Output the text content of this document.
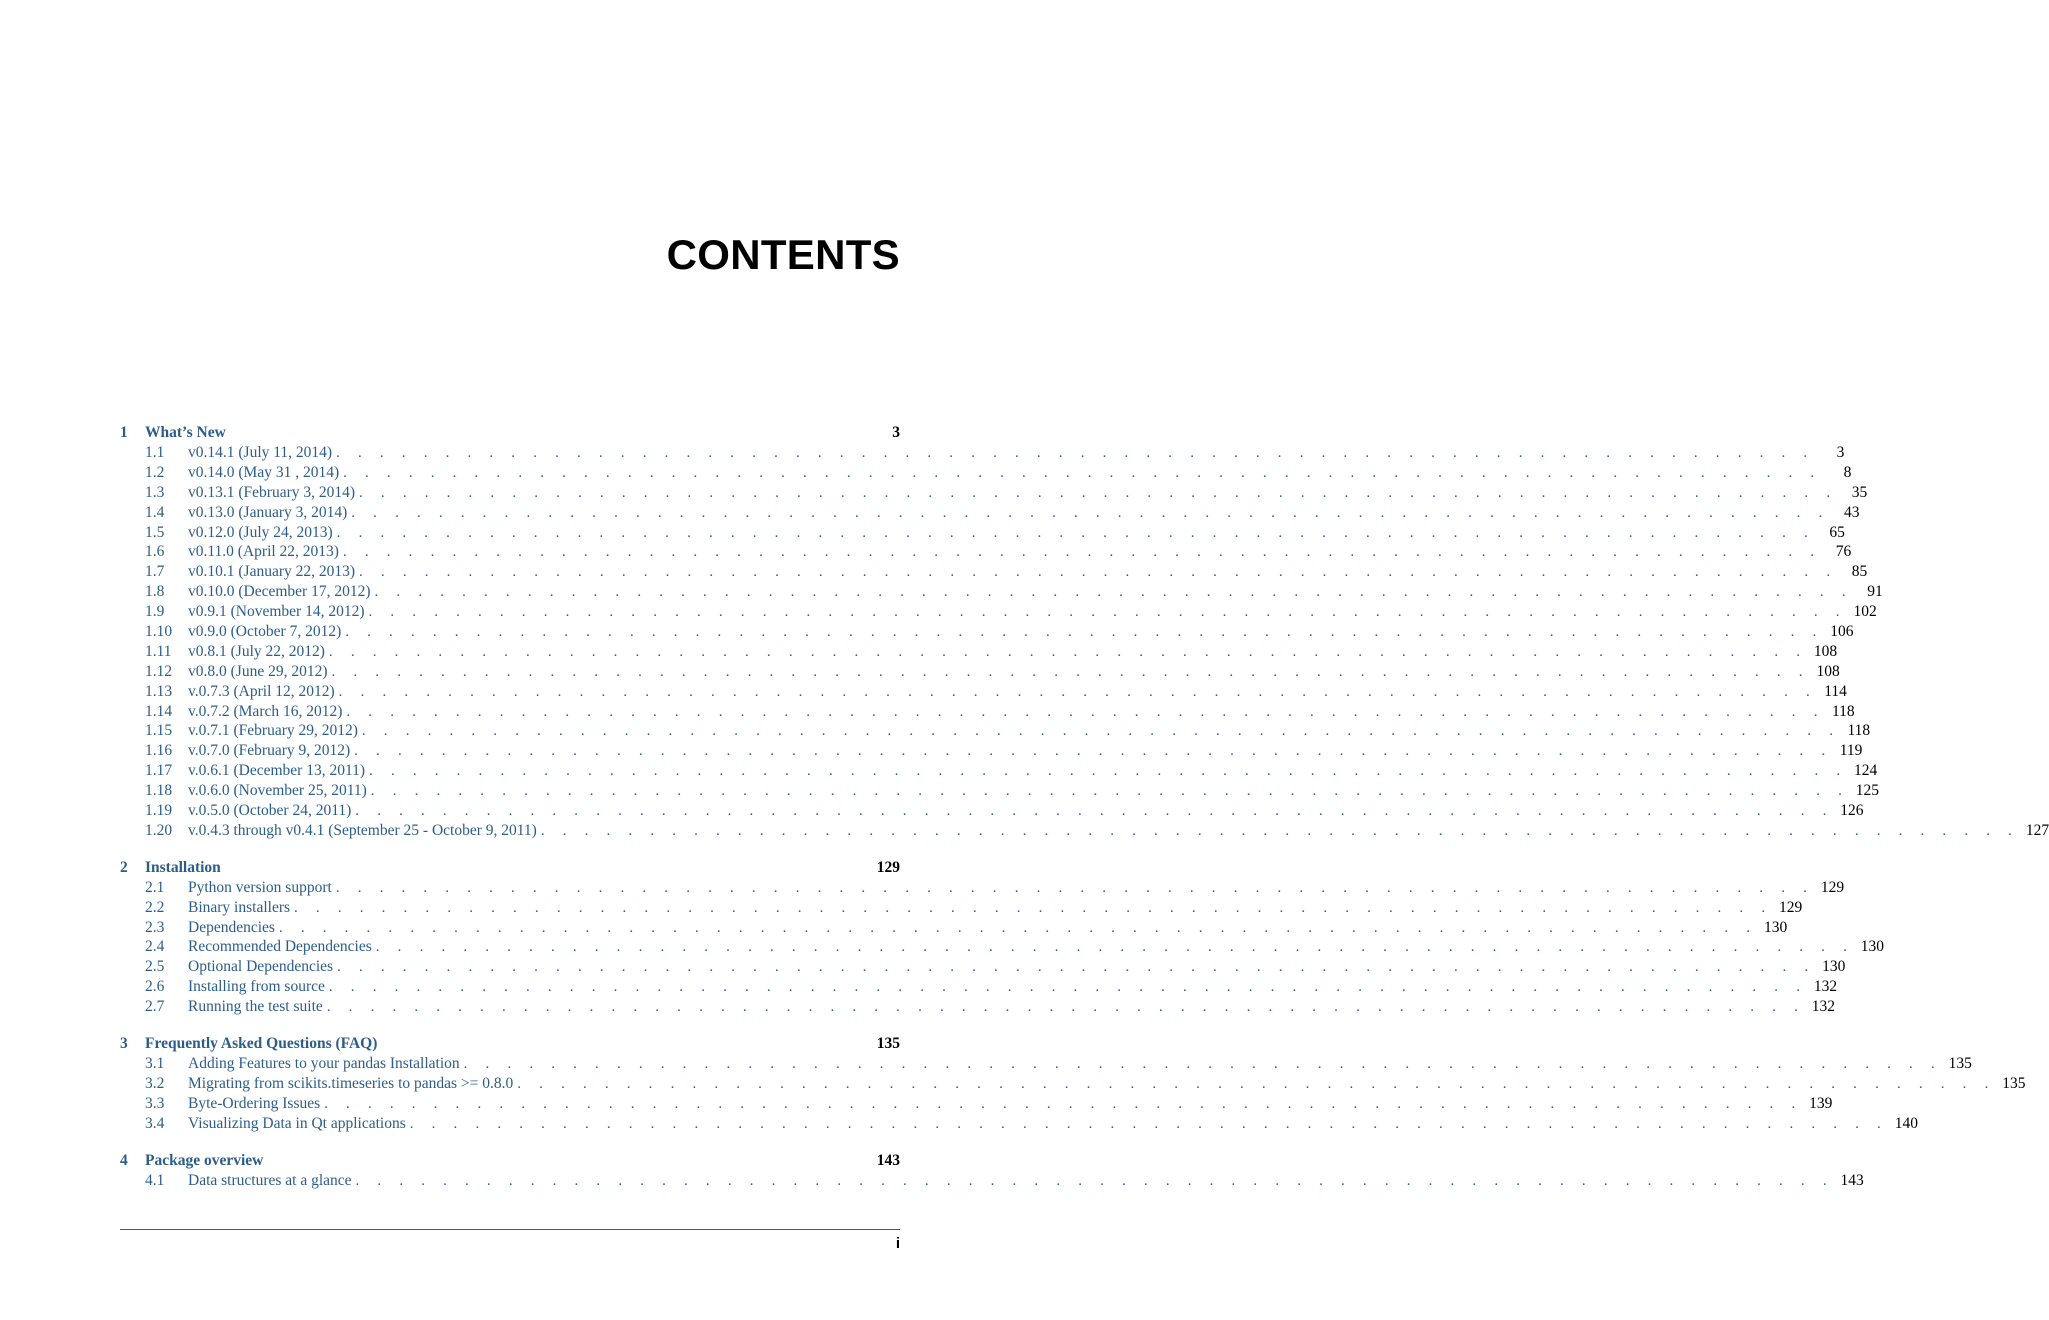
CONTENTS
1	What’s New	3
1.1	v0.14.1 (July 11, 2014) . . . . . . . . . . . . . . . . . . . . . . . . . . . . . . . . . . . . . . . . . . . . . . . . . . . . . . . . . . . . . . . . . . . .	3
1.2	v0.14.0 (May 31 , 2014) . . . . . . . . . . . . . . . . . . . . . . . . . . . . . . . . . . . . . . . . . . . . . . . . . . . . . . . . . . . . . . . . . . . .	8
1.3	v0.13.1 (February 3, 2014) . . . . . . . . . . . . . . . . . . . . . . . . . . . . . . . . . . . . . . . . . . . . . . . . . . . . . . . . . . . . . . . . . . . . 35
1.4	v0.13.0 (January 3, 2014) . . . . . . . . . . . . . . . . . . . . . . . . . . . . . . . . . . . . . . . . . . . . . . . . . . . . . . . . . . . . . . . . . . . . 43
1.5	v0.12.0 (July 24, 2013) . . . . . . . . . . . . . . . . . . . . . . . . . . . . . . . . . . . . . . . . . . . . . . . . . . . . . . . . . . . . . . . . . . . . 65
1.6	v0.11.0 (April 22, 2013) . . . . . . . . . . . . . . . . . . . . . . . . . . . . . . . . . . . . . . . . . . . . . . . . . . . . . . . . . . . . . . . . . . . . 76
1.7	v0.10.1 (January 22, 2013) . . . . . . . . . . . . . . . . . . . . . . . . . . . . . . . . . . . . . . . . . . . . . . . . . . . . . . . . . . . . . . . . . . . . 85
1.8	v0.10.0 (December 17, 2012) . . . . . . . . . . . . . . . . . . . . . . . . . . . . . . . . . . . . . . . . . . . . . . . . . . . . . . . . . . . . . . . . . . . . 91
1.9	v0.9.1 (November 14, 2012) . . . . . . . . . . . . . . . . . . . . . . . . . . . . . . . . . . . . . . . . . . . . . . . . . . . . . . . . . . . . . . . . . . . . 102
1.10	v0.9.0 (October 7, 2012) . . . . . . . . . . . . . . . . . . . . . . . . . . . . . . . . . . . . . . . . . . . . . . . . . . . . . . . . . . . . . . . . . . . . 106
1.11	v0.8.1 (July 22, 2012) . . . . . . . . . . . . . . . . . . . . . . . . . . . . . . . . . . . . . . . . . . . . . . . . . . . . . . . . . . . . . . . . . . . . 108
1.12	v0.8.0 (June 29, 2012) . . . . . . . . . . . . . . . . . . . . . . . . . . . . . . . . . . . . . . . . . . . . . . . . . . . . . . . . . . . . . . . . . . . . 108
1.13	v.0.7.3 (April 12, 2012) . . . . . . . . . . . . . . . . . . . . . . . . . . . . . . . . . . . . . . . . . . . . . . . . . . . . . . . . . . . . . . . . . . . . 114
1.14	v.0.7.2 (March 16, 2012) . . . . . . . . . . . . . . . . . . . . . . . . . . . . . . . . . . . . . . . . . . . . . . . . . . . . . . . . . . . . . . . . . . . . 118
1.15	v.0.7.1 (February 29, 2012) . . . . . . . . . . . . . . . . . . . . . . . . . . . . . . . . . . . . . . . . . . . . . . . . . . . . . . . . . . . . . . . . . . . . 118
1.16	v.0.7.0 (February 9, 2012) . . . . . . . . . . . . . . . . . . . . . . . . . . . . . . . . . . . . . . . . . . . . . . . . . . . . . . . . . . . . . . . . . . . . 119
1.17	v.0.6.1 (December 13, 2011) . . . . . . . . . . . . . . . . . . . . . . . . . . . . . . . . . . . . . . . . . . . . . . . . . . . . . . . . . . . . . . . . . . . . 124
1.18	v.0.6.0 (November 25, 2011) . . . . . . . . . . . . . . . . . . . . . . . . . . . . . . . . . . . . . . . . . . . . . . . . . . . . . . . . . . . . . . . . . . . . 125
1.19	v.0.5.0 (October 24, 2011) . . . . . . . . . . . . . . . . . . . . . . . . . . . . . . . . . . . . . . . . . . . . . . . . . . . . . . . . . . . . . . . . . . . . 126
1.20	v.0.4.3 through v0.4.1 (September 25 - October 9, 2011) . . . . . . . . . . . . . . . . . . . . . . . . . . . . . . . . . . . . . . . . . . . . . . . . . . . . . . . . . . . . . . . . . . . . 127
2	Installation	129
2.1	Python version support . . . . . . . . . . . . . . . . . . . . . . . . . . . . . . . . . . . . . . . . . . . . . . . . . . . . . . . . . . . . . . . . . . . . 129
2.2	Binary installers . . . . . . . . . . . . . . . . . . . . . . . . . . . . . . . . . . . . . . . . . . . . . . . . . . . . . . . . . . . . . . . . . . . . 129
2.3	Dependencies . . . . . . . . . . . . . . . . . . . . . . . . . . . . . . . . . . . . . . . . . . . . . . . . . . . . . . . . . . . . . . . . . . . . 130
2.4	Recommended Dependencies . . . . . . . . . . . . . . . . . . . . . . . . . . . . . . . . . . . . . . . . . . . . . . . . . . . . . . . . . . . . . . . . . . . . 130
2.5	Optional Dependencies . . . . . . . . . . . . . . . . . . . . . . . . . . . . . . . . . . . . . . . . . . . . . . . . . . . . . . . . . . . . . . . . . . . . 130
2.6	Installing from source . . . . . . . . . . . . . . . . . . . . . . . . . . . . . . . . . . . . . . . . . . . . . . . . . . . . . . . . . . . . . . . . . . . . 132
2.7	Running the test suite . . . . . . . . . . . . . . . . . . . . . . . . . . . . . . . . . . . . . . . . . . . . . . . . . . . . . . . . . . . . . . . . . . . . 132
3	Frequently Asked Questions (FAQ)	135
3.1	Adding Features to your pandas Installation . . . . . . . . . . . . . . . . . . . . . . . . . . . . . . . . . . . . . . . . . . . . . . . . . . . . . . . . . . . . . . . . . . . . 135
3.2	Migrating from scikits.timeseries to pandas >= 0.8.0 . . . . . . . . . . . . . . . . . . . . . . . . . . . . . . . . . . . . . . . . . . . . . . . . . . . . . . . . . . . . . . . . . . . . 135
3.3	Byte-Ordering Issues . . . . . . . . . . . . . . . . . . . . . . . . . . . . . . . . . . . . . . . . . . . . . . . . . . . . . . . . . . . . . . . . . . . . 139
3.4	Visualizing Data in Qt applications . . . . . . . . . . . . . . . . . . . . . . . . . . . . . . . . . . . . . . . . . . . . . . . . . . . . . . . . . . . . . . . . . . . . 140
4	Package overview	143
4.1	Data structures at a glance . . . . . . . . . . . . . . . . . . . . . . . . . . . . . . . . . . . . . . . . . . . . . . . . . . . . . . . . . . . . . . . . . . . . 143
i
